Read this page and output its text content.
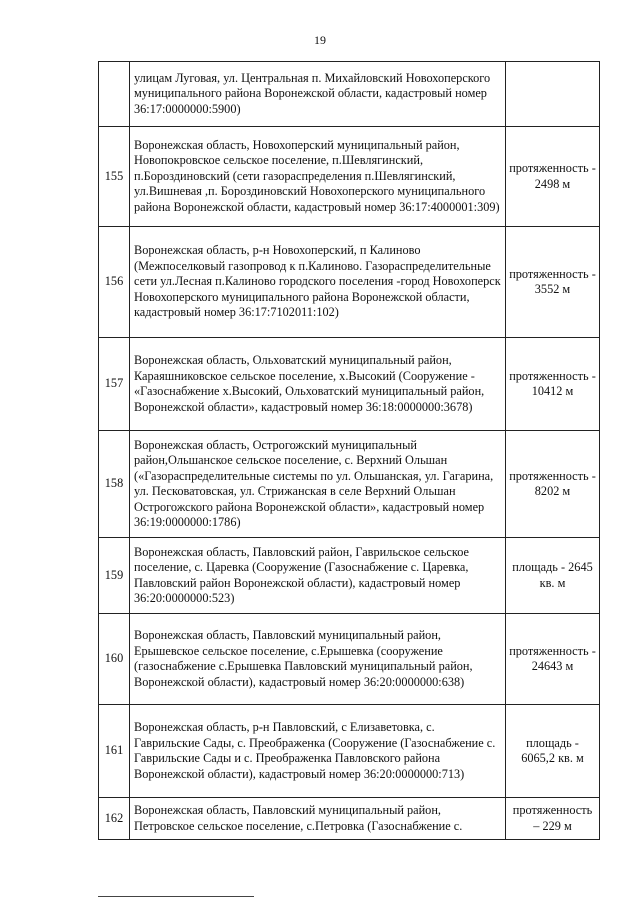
19

	улицам Луговая, ул. Центральная п. Михайловский Новохоперского муниципального района Воронежской области, кадастровый номер 36:17:0000000:5900)	

155	Воронежская область, Новохоперский муниципальный район, Новопокровское сельское поселение, п.Шевлягинский, п.Бороздиновский (сети газораспределения п.Шевлягинский, ул.Вишневая ,п. Бороздиновский Новохоперского муниципального района Воронежской области, кадастровый номер 36:17:4000001:309)	протяженность - 2498 м

156	Воронежская область, р-н Новохоперский, п Калиново (Межпоселковый газопровод к п.Калиново. Газораспределительные сети ул.Лесная п.Калиново городского поселения -город Новохоперск Новохоперского муниципального района Воронежской области, кадастровый номер 36:17:7102011:102)	протяженность - 3552 м

157	Воронежская область, Ольховатский муниципальный район, Караяшниковское сельское поселение, х.Высокий (Сооружение - «Газоснабжение х.Высокий, Ольховатский муниципальный район, Воронежской области», кадастровый номер 36:18:0000000:3678)	протяженность - 10412 м

158	Воронежская область, Острогожский муниципальный район,Ольшанское сельское поселение, с. Верхний Ольшан («Газораспределительные системы по ул. Ольшанская, ул. Гагарина, ул. Песковатовская, ул. Стрижанская в селе Верхний Ольшан Острогожского района Воронежской области», кадастровый номер 36:19:0000000:1786)	протяженность - 8202 м

159	Воронежская область, Павловский район, Гаврильское сельское поселение, с. Царевка (Сооружение (Газоснабжение с. Царевка, Павловский район Воронежской области), кадастровый номер 36:20:0000000:523)	площадь - 2645 кв. м

160	Воронежская область, Павловский муниципальный район, Ерышевское сельское поселение, с.Ерышевка (сооружение (газоснабжение с.Ерышевка Павловский муниципальный район, Воронежской области), кадастровый номер 36:20:0000000:638)	протяженность - 24643 м

161	Воронежская область, р-н Павловский, с Елизаветовка, с. Гаврильские Сады, с. Преображенка (Сооружение (Газоснабжение с. Гаврильские Сады и с. Преображенка Павловского района Воронежской области), кадастровый номер 36:20:0000000:713)	площадь - 6065,2 кв. м

162	Воронежская область, Павловский муниципальный район, Петровское сельское поселение, с.Петровка (Газоснабжение с.	протяженность – 229 м
